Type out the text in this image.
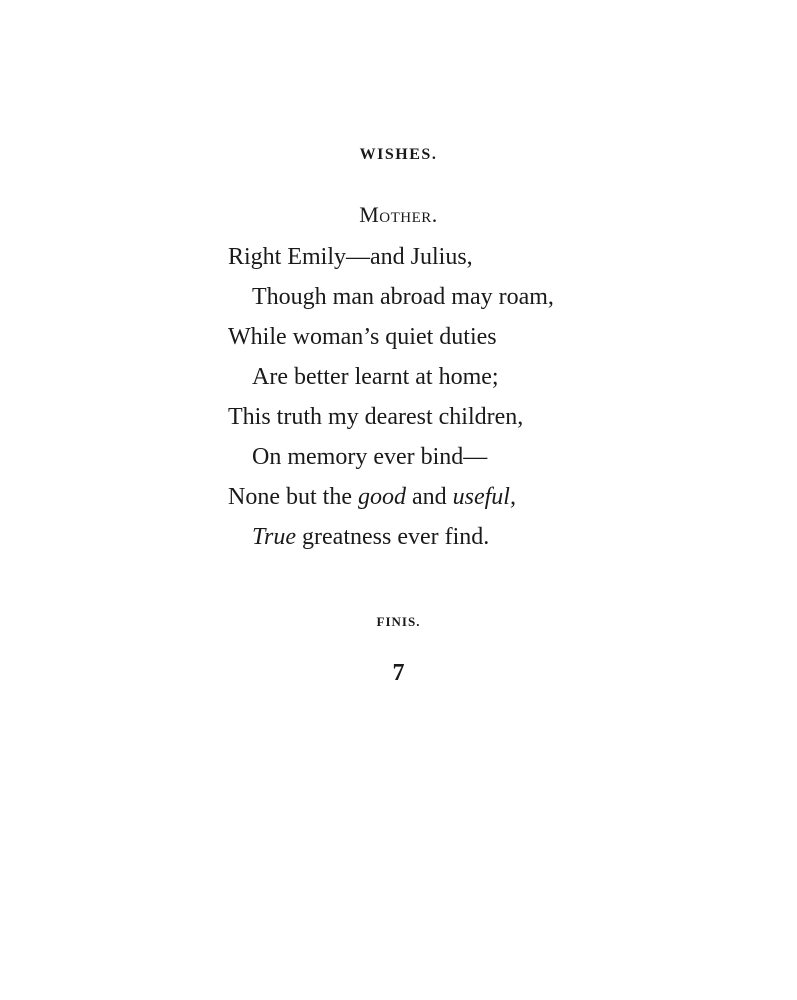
WISHES.
Mother.
Right Emily—and Julius,
Though man abroad may roam,
While woman’s quiet duties
Are better learnt at home;
This truth my dearest children,
On memory ever bind—
None but the good and useful,
True greatness ever find.
FINIS.
7
